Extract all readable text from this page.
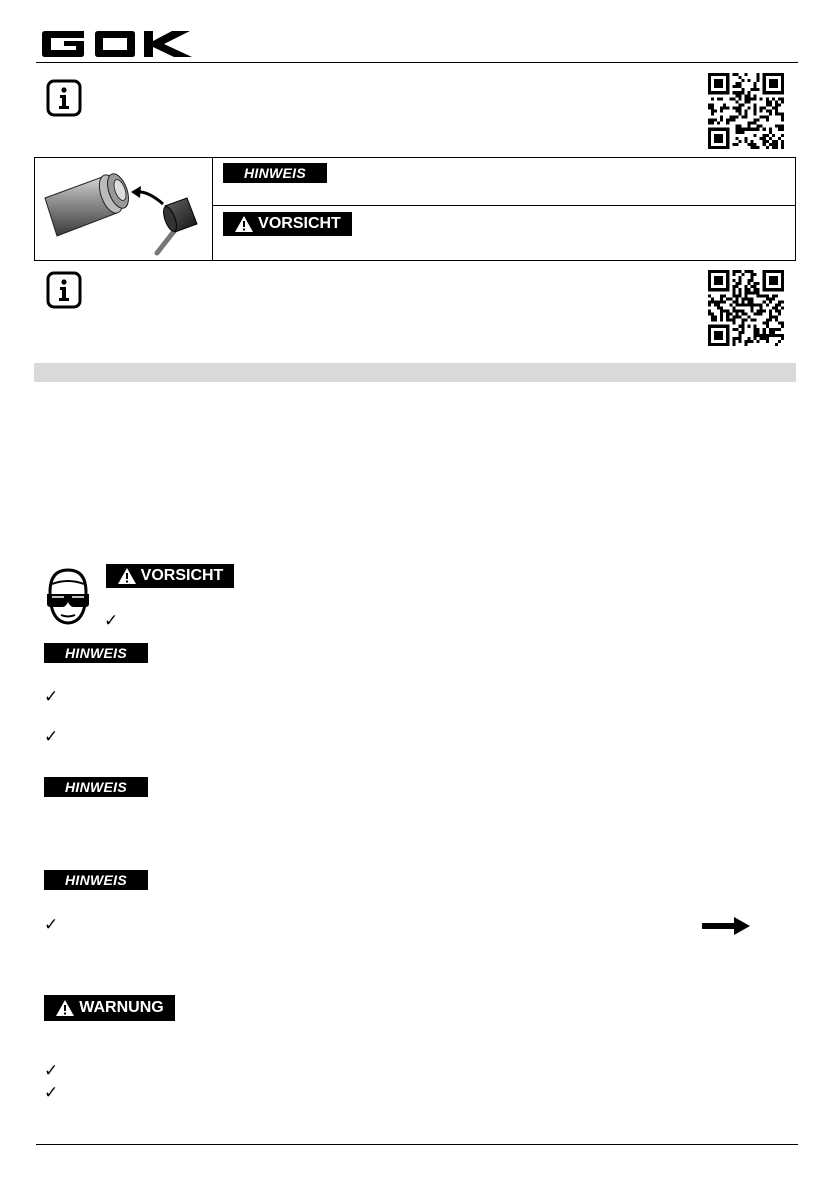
HINWEIS
VORSICHT
VORSICHT
✓
HINWEIS
✓
✓
HINWEIS
HINWEIS
✓
WARNUNG
✓
✓
